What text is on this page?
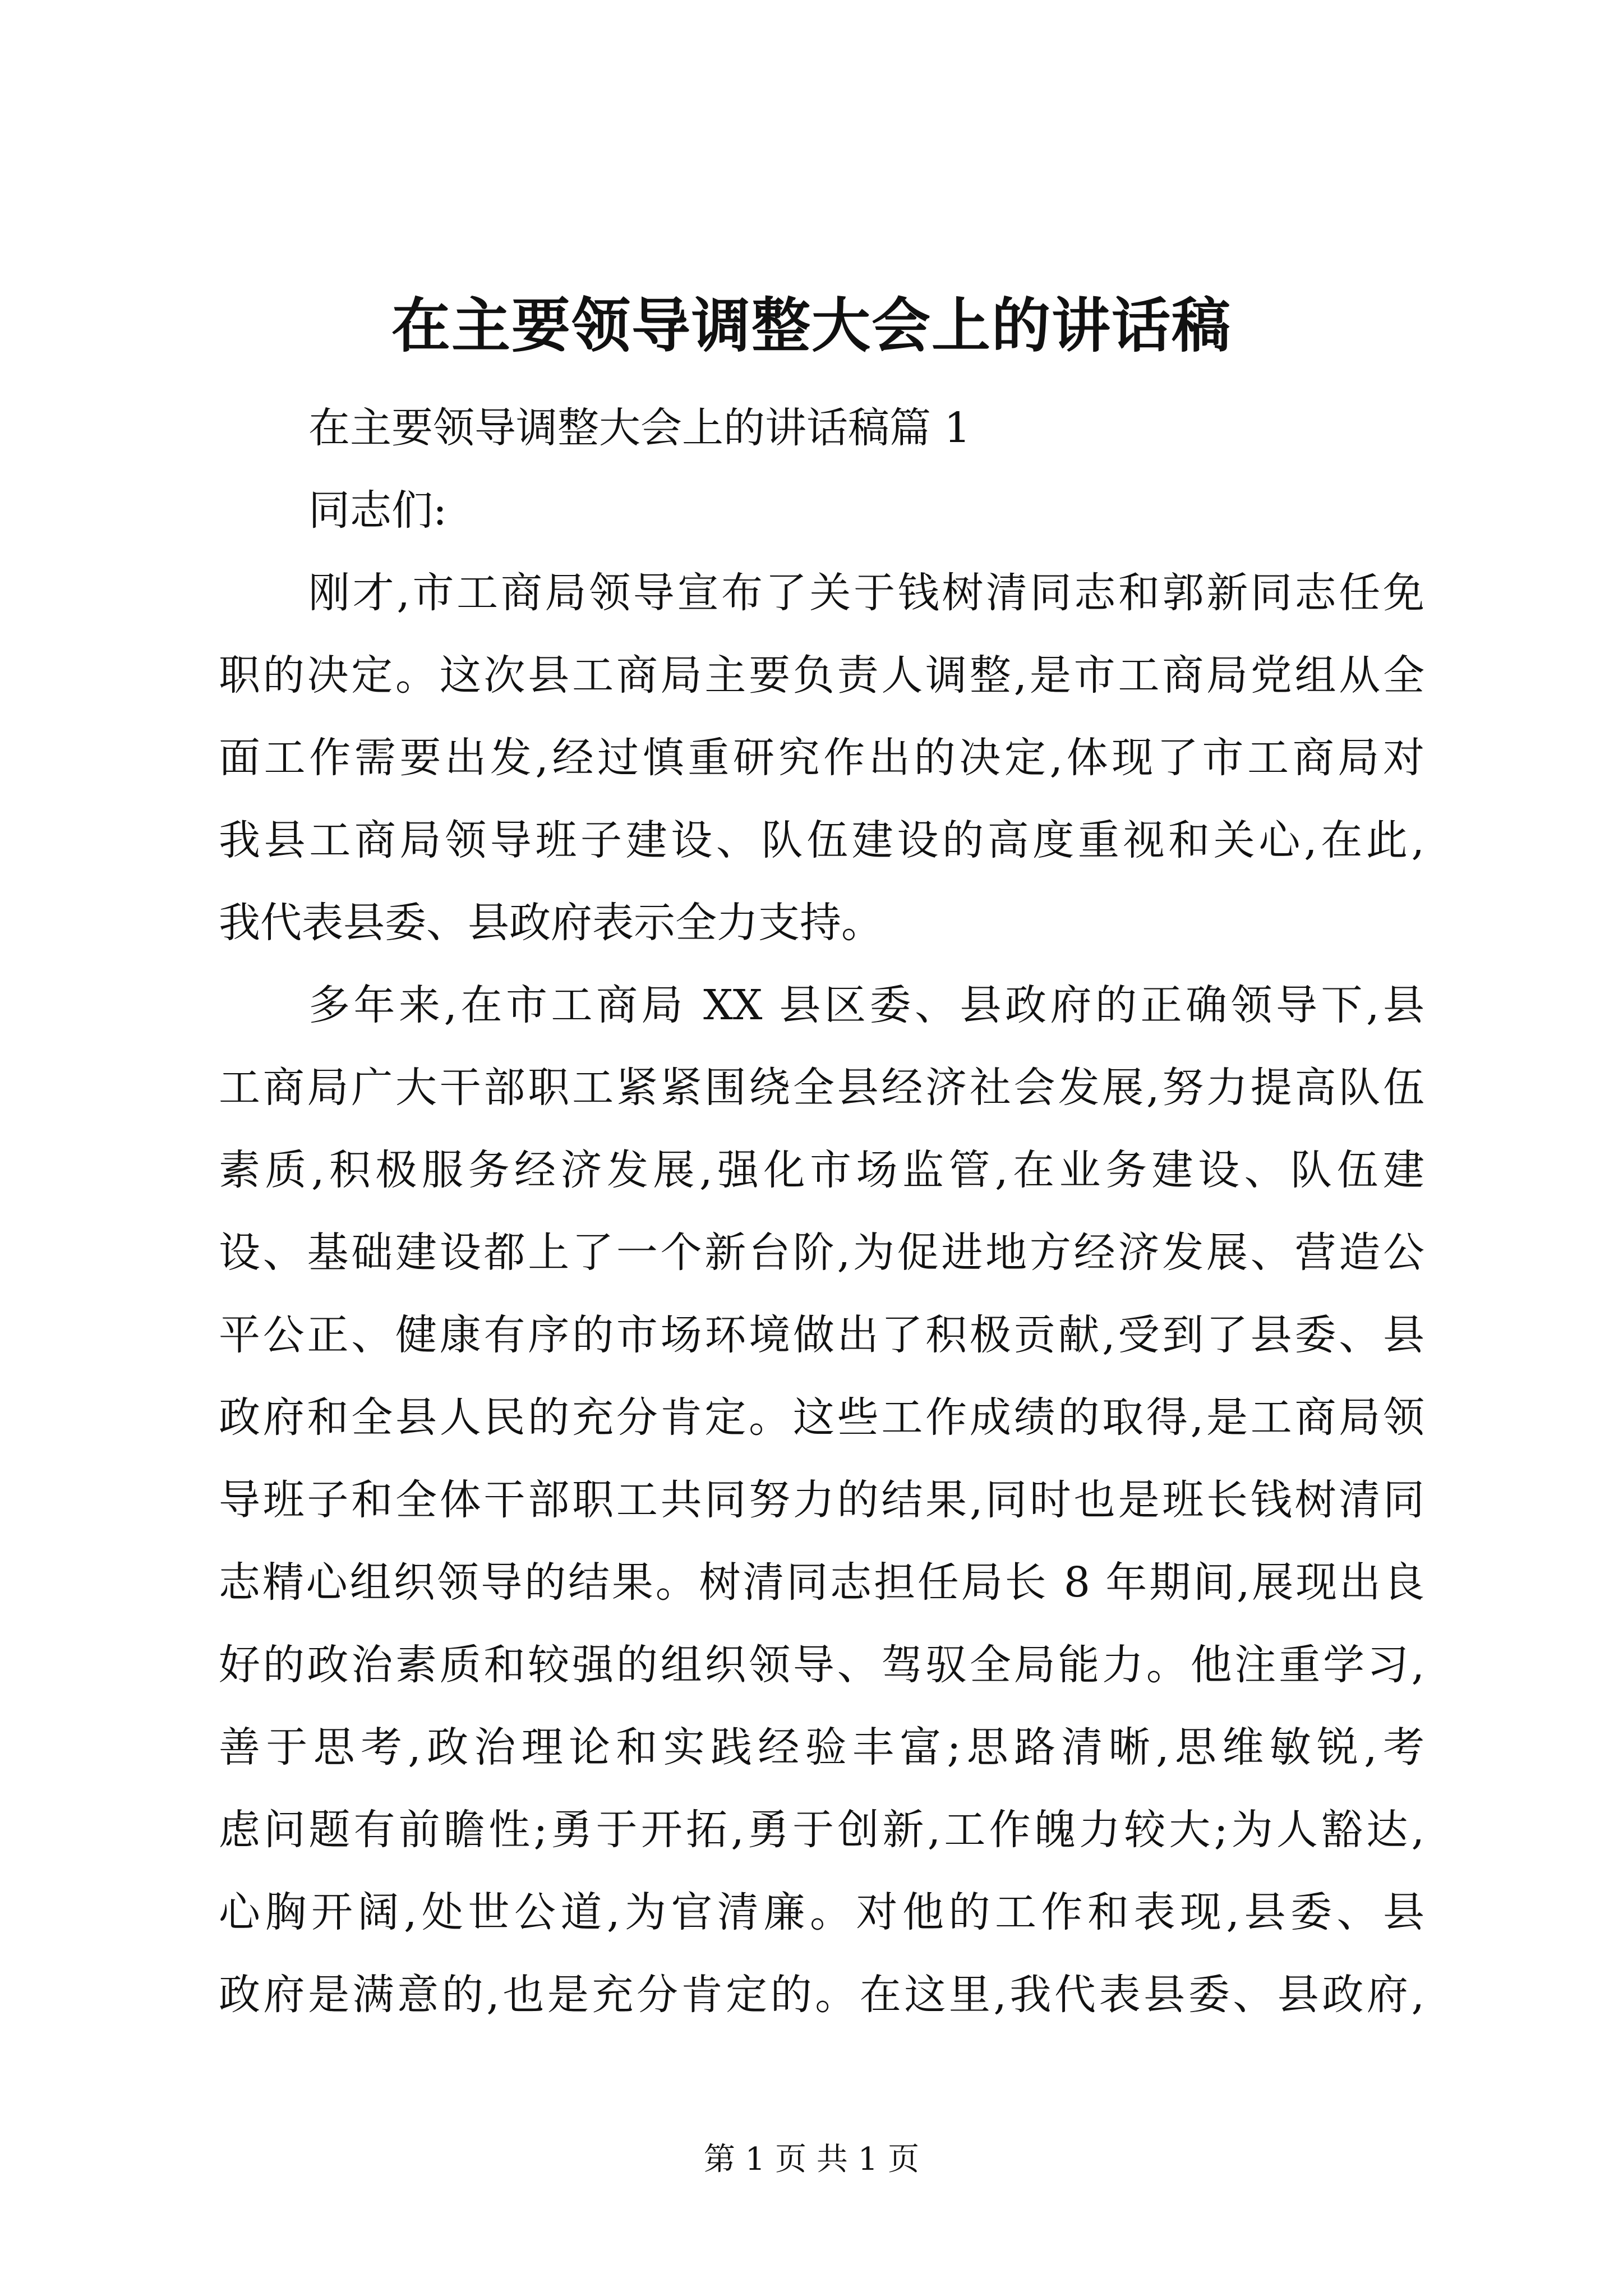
在主要领导调整大会上的讲话稿
在主要领导调整大会上的讲话稿篇 1
同志们:
刚才,市工商局领导宣布了关于钱树清同志和郭新同志任免
职的决定。这次县工商局主要负责人调整,是市工商局党组从全
面工作需要出发,经过慎重研究作出的决定,体现了市工商局对
我县工商局领导班子建设、队伍建设的高度重视和关心,在此,
我代表县委、县政府表示全力支持。
多年来,在市工商局 XX 县区委、县政府的正确领导下,县
工商局广大干部职工紧紧围绕全县经济社会发展,努力提高队伍
素质,积极服务经济发展,强化市场监管,在业务建设、队伍建
设、基础建设都上了一个新台阶,为促进地方经济发展、营造公
平公正、健康有序的市场环境做出了积极贡献,受到了县委、县
政府和全县人民的充分肯定。这些工作成绩的取得,是工商局领
导班子和全体干部职工共同努力的结果,同时也是班长钱树清同
志精心组织领导的结果。树清同志担任局长 8 年期间,展现出良
好的政治素质和较强的组织领导、驾驭全局能力。他注重学习,
善于思考,政治理论和实践经验丰富;思路清晰,思维敏锐,考
虑问题有前瞻性;勇于开拓,勇于创新,工作魄力较大;为人豁达,
心胸开阔,处世公道,为官清廉。对他的工作和表现,县委、县
政府是满意的,也是充分肯定的。在这里,我代表县委、县政府,
第 1 页 共 1 页
